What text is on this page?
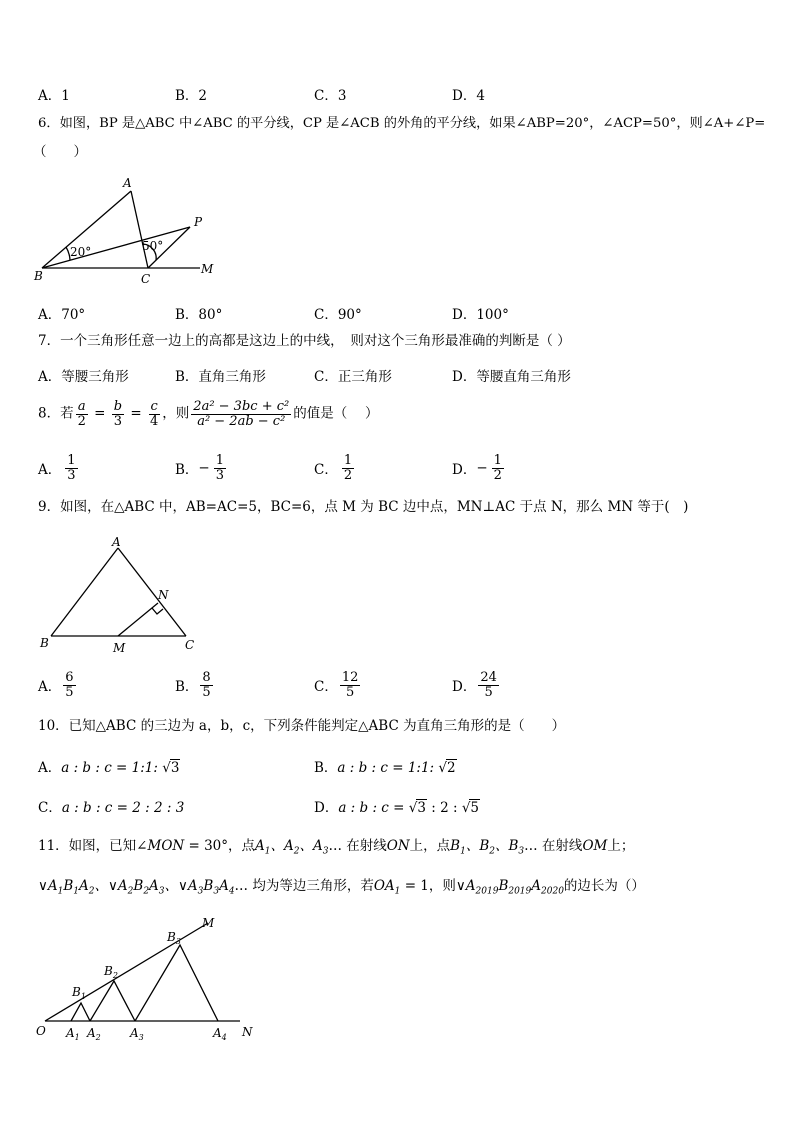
A．1	B．2	C．3	D．4
6．如图，BP 是△ABC 中∠ABC 的平分线，CP 是∠ACB 的外角的平分线，如果∠ABP=20°，∠ACP=50°，则∠A+∠P=
（　　）
A
B	C
P
M
20°	50°
A．70°	B．80°	C．90°	D．100°
7．一个三角形任意一边上的高都是这边上的中线，　则对这个三角形最准确的判断是（ ）
A．等腰三角形	B．直角三角形	C．正三角形	D．等腰直角三角形
8．若 $\frac{a}{2} = \frac{b}{3} = \frac{c}{4}$ ，则 $\frac{\text{2a² − 3bc + c²}}{\text{a² − 2ab − c²}}$ 的值是（　 ）
A． $\frac{1}{3}$	B．− $\frac{1}{3}$	C． $\frac{1}{2}$	D．− $\frac{1}{2}$
9．如图，在△ABC 中，AB=AC=5，BC=6，点 M 为 BC 边中点，MN⊥AC 于点 N，那么 MN 等于(　)
A
B	C
M
N
A． $\frac{6}{5}$	B． $\frac{8}{5}$	C． $\frac{12}{5}$	D． $\frac{24}{5}$
10．已知△ABC 的三边为 a，b，c，下列条件能判定△ABC 为直角三角形的是（　　）
A．a : b : c = 1:1: √3	B．a : b : c = 1:1: √2
C．a : b : c = 2 : 2 : 3	D．a : b : c = √3 : 2 : √5
11．如图，已知∠MON = 30°，点$A_1$、$A_2$、$A_3\dots$ 在射线ON上，点$B_1$、$B_2$、$B_3\dots$ 在射线OM上；
$\vee A_1B_1A_2$、$\vee A_2B_2A_3$、$\vee A_3B_3A_4\dots$ 均为等边三角形，若$OA_1 = 1$，则$\vee A_{2019}B_{2019}A_{2020}$的边长为（）
O
M
N
$A_1$ $A_2$ $A_3$	$A_4$
$B_1$
$B_2$
$B_3$
